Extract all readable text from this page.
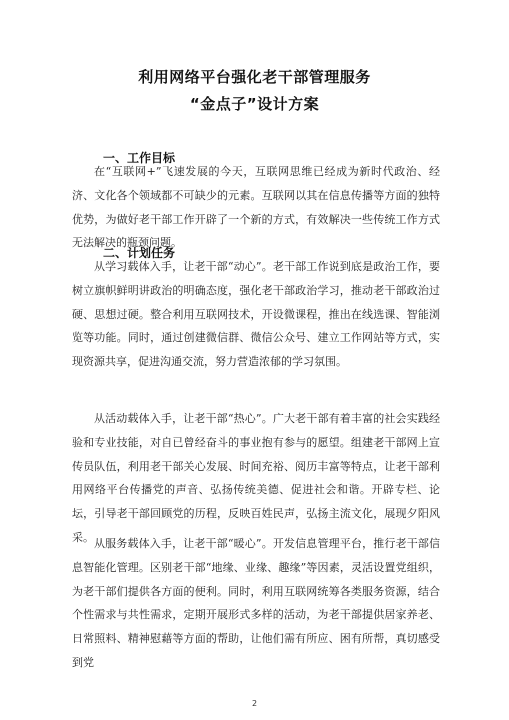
利用网络平台强化老干部管理服务
“金点子”设计方案
一、工作目标
在“互联网+”飞速发展的今天，互联网思维已经成为新时代政治、经济、文化各个领域都不可缺少的元素。互联网以其在信息传播等方面的独特优势，为做好老干部工作开辟了一个新的方式，有效解决一些传统工作方式无法解决的瓶颈问题。
二、计划任务
从学习载体入手，让老干部“动心”。老干部工作说到底是政治工作，要树立旗帜鲜明讲政治的明确态度，强化老干部政治学习，推动老干部政治过硬、思想过硬。整合利用互联网技术，开设微课程，推出在线选课、智能浏览等功能。同时，通过创建微信群、微信公众号、建立工作网站等方式，实现资源共享，促进沟通交流，努力营造浓郁的学习氛围。
从活动载体入手，让老干部“热心”。广大老干部有着丰富的社会实践经验和专业技能，对自已曾经奋斗的事业抱有参与的愿望。组建老干部网上宣传员队伍，利用老干部关心发展、时间充裕、阅历丰富等特点，让老干部利用网络平台传播党的声音、弘扬传统美德、促进社会和谐。开辟专栏、论坛，引导老干部回顾党的历程，反映百姓民声，弘扬主流文化，展现夕阳风采。 从服务载体入手，让老干部“暖心”。开发信息管理平台，推行老干部信息智能化管理。区别老干部“地缘、业缘、趣缘”等因素，灵活设置党组织，为老干部们提供各方面的便利。同时，利用互联网统筹各类服务资源，结合个性需求与共性需求，定期开展形式多样的活动，为老干部提供居家养老、日常照料、精神慰藉等方面的帮助，让他们需有所应、困有所帮，真切感受到党
2
